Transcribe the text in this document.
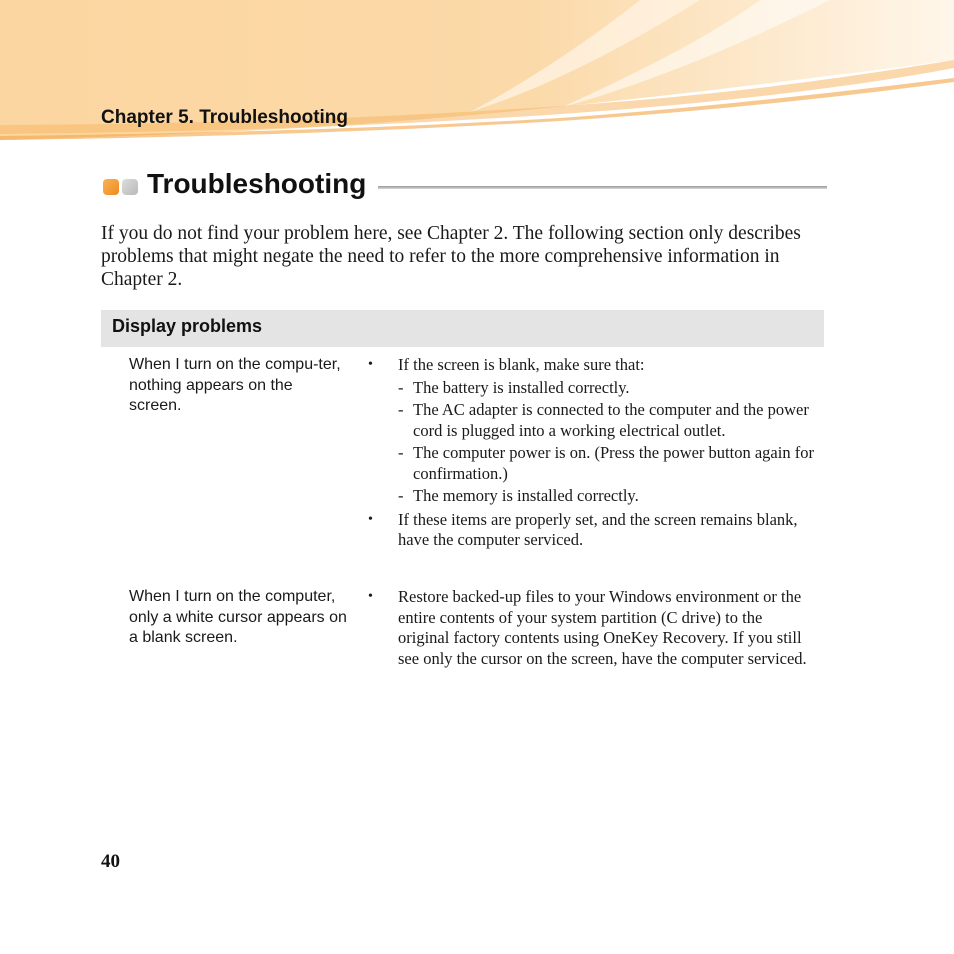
Chapter 5. Troubleshooting
Troubleshooting
If you do not find your problem here, see Chapter 2. The following section only describes problems that might negate the need to refer to the more comprehensive information in Chapter 2.
Display problems
When I turn on the compu-ter, nothing appears on the screen.
• If the screen is blank, make sure that:
- The battery is installed correctly.
- The AC adapter is connected to the computer and the power cord is plugged into a working electrical outlet.
- The computer power is on. (Press the power button again for confirmation.)
- The memory is installed correctly.
• If these items are properly set, and the screen remains blank, have the computer serviced.
When I turn on the computer, only a white cursor appears on a blank screen.
• Restore backed-up files to your Windows environment or the entire contents of your system partition (C drive) to the original factory contents using OneKey Recovery. If you still see only the cursor on the screen, have the computer serviced.
40
